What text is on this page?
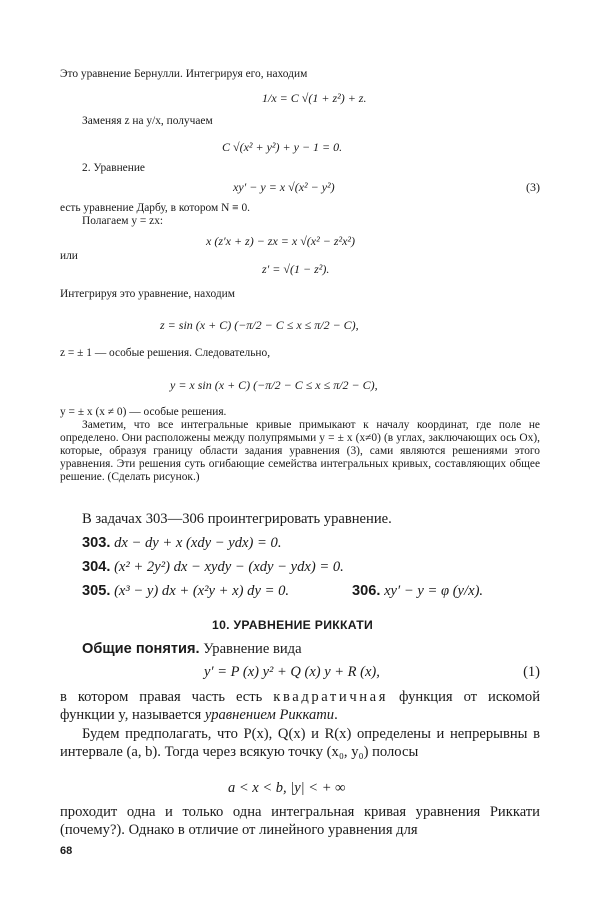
Это уравнение Бернулли. Интегрируя его, находим
1/x = C √(1 + z²) + z.
Заменяя z на y/x, получаем
C √(x² + y²) + y − 1 = 0.
2. Уравнение
xy′ − y = x √(x² − y²)	(3)
есть уравнение Дарбу, в котором N ≡ 0.
Полагаем y = zx:
x (z′x + z) − zx = x √(x² − z²x²)
или
z′ = √(1 − z²).
Интегрируя это уравнение, находим
z = sin (x + C) (−π/2 − C ≤ x ≤ π/2 − C),
z = ± 1 — особые решения. Следовательно,
y = x sin (x + C) (−π/2 − C ≤ x ≤ π/2 − C),
y = ± x (x ≠ 0) — особые решения.
Заметим, что все интегральные кривые примыкают к началу координат, где поле не определено. Они расположены между полупрямыми y = ± x (x≠0) (в углах, заключающих ось Ox), которые, образуя границу области задания уравнения (3), сами являются решениями этого уравнения. Эти решения суть огибающие семейства интегральных кривых, составляющих общее решение. (Сделать рисунок.)
В задачах 303—306 проинтегрировать уравнение.
303. dx − dy + x (xdy − ydx) = 0.
304. (x² + 2y²) dx − xydy − (xdy − ydx) = 0.
305. (x³ − y) dx + (x²y + x) dy = 0.	306. xy′ − y = φ (y/x).
10. УРАВНЕНИЕ РИККАТИ
Общие понятия. Уравнение вида
y′ = P (x) y² + Q (x) y + R (x),	(1)
в котором правая часть есть квадратичная функция от искомой функции y, называется уравнением Риккати.
Будем предполагать, что P(x), Q(x) и R(x) определены и непрерывны в интервале (a, b). Тогда через всякую точку (x₀, y₀) полосы
a < x < b, |y| < + ∞
проходит одна и только одна интегральная кривая уравнения Риккати (почему?). Однако в отличие от линейного уравнения для
68
